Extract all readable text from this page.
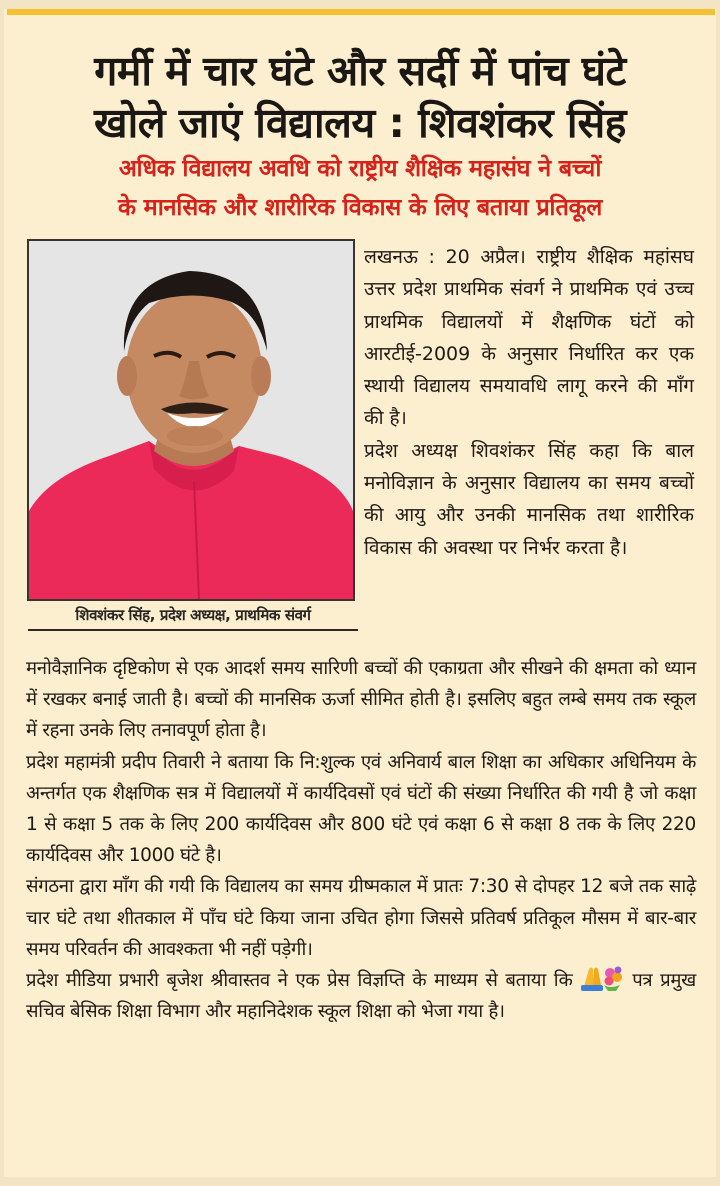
गर्मी में चार घंटे और सर्दी में पांच घंटे
खोले जाएं विद्यालय : शिवशंकर सिंह
अधिक विद्यालय अवधि को राष्ट्रीय शैक्षिक महासंघ ने बच्चों
के मानसिक और शारीरिक विकास के लिए बताया प्रतिकूल
शिवशंकर सिंह, प्रदेश अध्यक्ष, प्राथमिक संवर्ग

लखनऊ : 20 अप्रैल। राष्ट्रीय शैक्षिक महांसघ उत्तर प्रदेश प्राथमिक संवर्ग ने प्राथमिक एवं उच्च प्राथमिक विद्यालयों में शैक्षणिक घंटों को आरटीई-2009 के अनुसार निर्धारित कर एक स्थायी विद्यालय समयावधि लागू करने की माँग की है।

प्रदेश अध्यक्ष शिवशंकर सिंह कहा कि बाल मनोविज्ञान के अनुसार विद्यालय का समय बच्चों की आयु और उनकी मानसिक तथा शारीरिक विकास की अवस्था पर निर्भर करता है।

मनोवैज्ञानिक दृष्टिकोण से एक आदर्श समय सारिणी बच्चों की एकाग्रता और सीखने की क्षमता को ध्यान में रखकर बनाई जाती है। बच्चों की मानसिक ऊर्जा सीमित होती है। इसलिए बहुत लम्बे समय तक स्कूल में रहना उनके लिए तनावपूर्ण होता है।

प्रदेश महामंत्री प्रदीप तिवारी ने बताया कि नि:शुल्क एवं अनिवार्य बाल शिक्षा का अधिकार अधिनियम के अन्तर्गत एक शैक्षणिक सत्र में विद्यालयों में कार्यदिवसों एवं घंटों की संख्या निर्धारित की गयी है जो कक्षा 1 से कक्षा 5 तक के लिए 200 कार्यदिवस और 800 घंटे एवं कक्षा 6 से कक्षा 8 तक के लिए 220 कार्यदिवस और 1000 घंटे है।

संगठना द्वारा माँग की गयी कि विद्यालय का समय ग्रीष्मकाल में प्रातः 7:30 से दोपहर 12 बजे तक साढ़े चार घंटे तथा शीतकाल में पाँच घंटे किया जाना उचित होगा जिससे प्रतिवर्ष प्रतिकूल मौसम में बार-बार समय परिवर्तन की आवश्कता भी नहीं पड़ेगी।

प्रदेश मीडिया प्रभारी बृजेश श्रीवास्तव ने एक प्रेस विज्ञप्ति के माध्यम से बताया कि	पत्र प्रमुख सचिव बेसिक शिक्षा विभाग और महानिदेशक स्कूल शिक्षा को भेजा गया है।
